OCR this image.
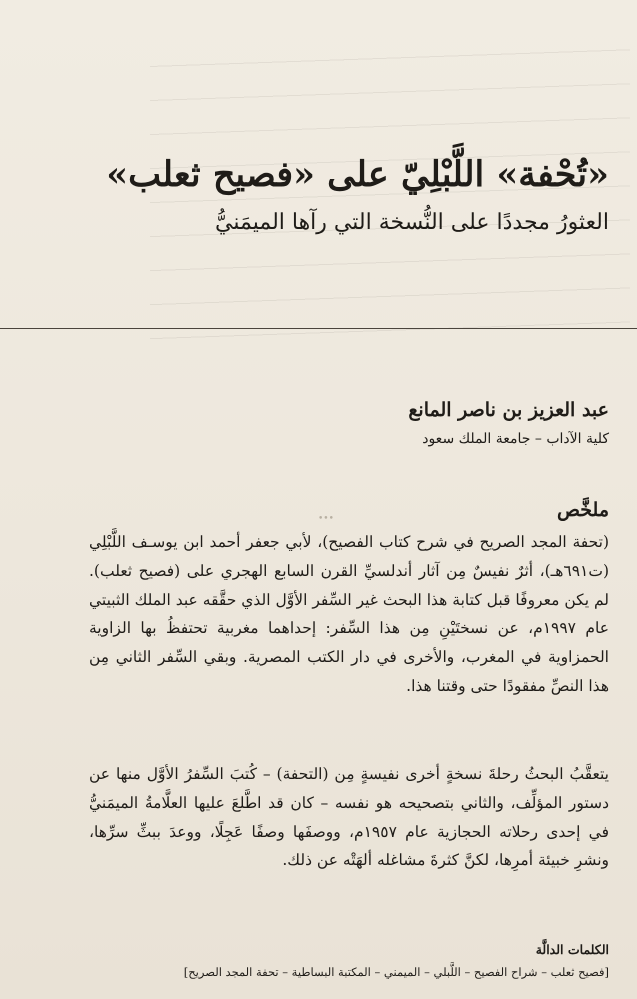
«تُحْفة» اللَّبْلِيّ على «فصيح ثعلب»
العثورُ مجددًا على النُّسخة التي رآها الميمَنيُّ
عبد العزيز بن ناصر المانع
كلية الآداب – جامعة الملك سعود
ملخَّص
•••
(تحفة المجد الصريح في شرح كتاب الفصيح)، لأبي جعفر أحمد ابن يوسـف اللَّبْلِي (ت٦٩١هـ)، أثرٌ نفيسٌ مِن آثار أندلسيِّ القرن السابع الهجري على (فصيح ثعلب). لم يكن معروفًا قبل كتابة هذا البحث غير السِّفر الأوَّل الذي حقَّقه عبد الملك الثبيتي عام ١٩٩٧م، عن نسختَيْنِ مِن هذا السِّفر: إحداهما مغربية تحتفظُ بها الزاوية الحمزاوية في المغرب، والأخرى في دار الكتب المصرية. وبقي السِّفر الثاني مِن هذا النصِّ مفقودًا حتى وقتنا هذا.
يتعقَّبُ البحثُ رحلةَ نسخةٍ أخرى نفيسةٍ مِن (التحفة) – كُتبَ السِّفرُ الأوَّل منها عن دستور المؤلِّف، والثاني بتصحيحه هو نفسه – كان قد اطَّلعَ عليها العلَّامةُ الميمَنيُّ في إحدى رحلاته الحجازية عام ١٩٥٧م، ووصفَها وصفًا عَجِلًا، ووعدَ ببثِّ سرِّها، ونشرِ خبيئة أمرِها، لكنَّ كثرةَ مشاغله ألهَتْه عن ذلك.
الكلمات الدالَّة
[فصيح ثعلب – شراح الفصيح – اللَّبلي – الميمني – المكتبة البساطية – تحفة المجد الصريح]
